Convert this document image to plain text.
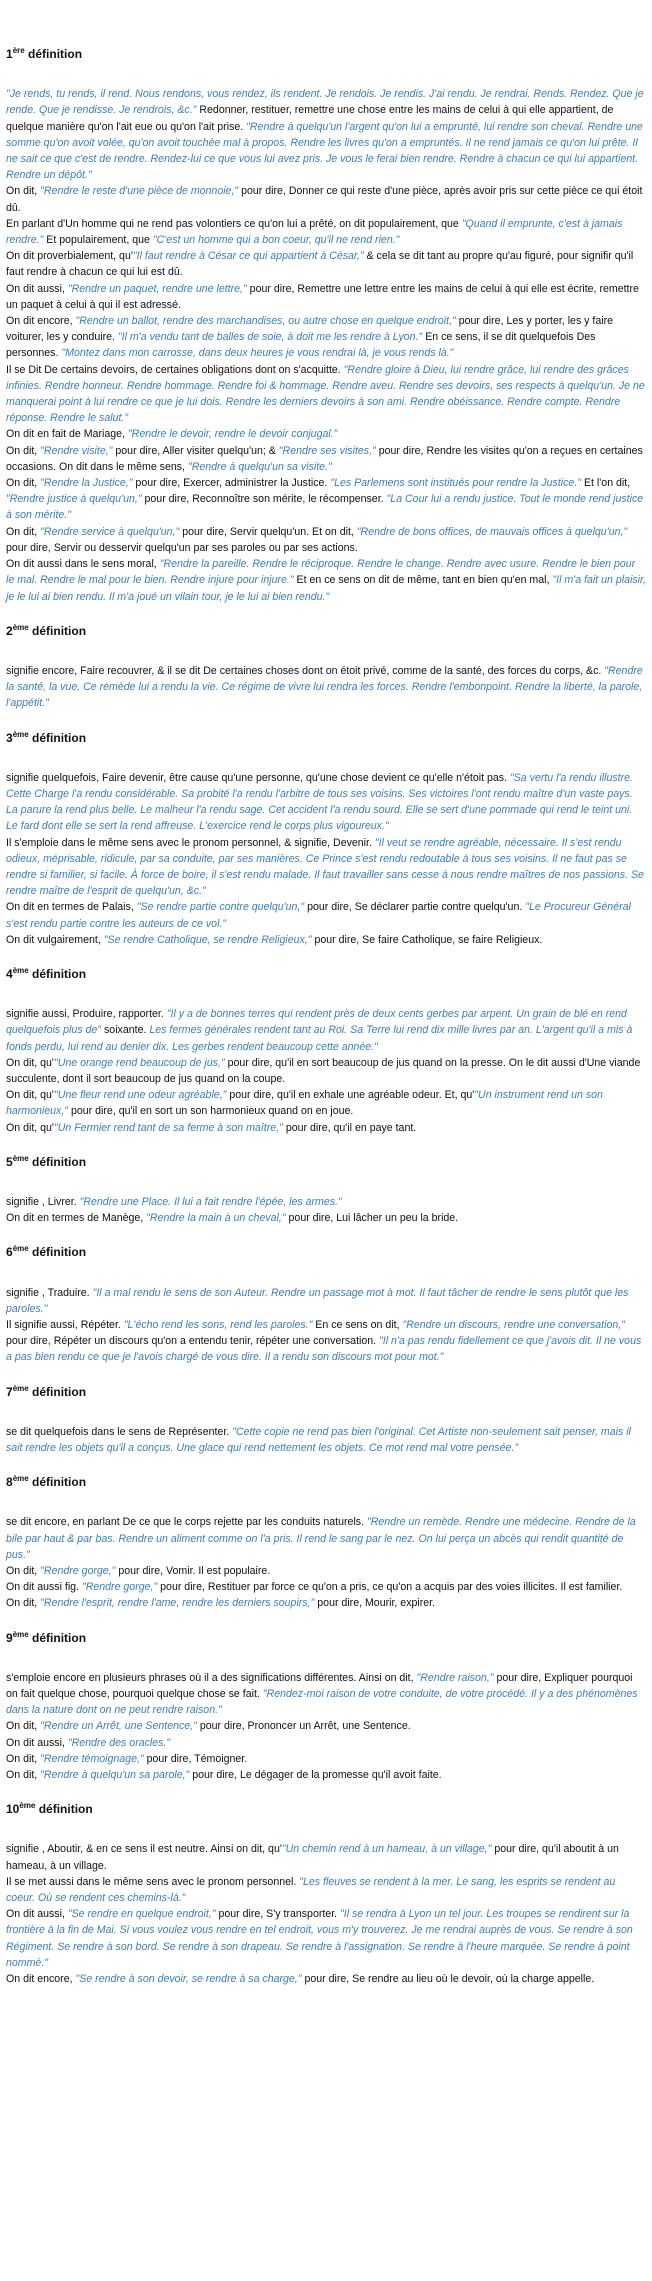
1ère définition
"Je rends, tu rends, il rend. Nous rendons, vous rendez, ils rendent. Je rendois. Je rendis. J'ai rendu. Je rendrai. Rends. Rendez. Que je rende. Que je rendisse. Je rendrois, &c." Redonner, restituer, remettre une chose entre les mains de celui à qui elle appartient, de quelque manière qu'on l'ait eue ou qu'on l'ait prise. "Rendre à quelqu'un l'argent qu'on lui a emprunté, lui rendre son cheval. Rendre une somme qu'on avoit volée, qu'on avoit touchée mal à propos. Rendre les livres qu'on a empruntés. Il ne rend jamais ce qu'on lui prête. Il ne sait ce que c'est de rendre. Rendez-lui ce que vous lui avez pris. Je vous le ferai bien rendre. Rendre à chacun ce qui lui appartient. Rendre un dépôt."
On dit, "Rendre le reste d'une pièce de monnoie," pour dire, Donner ce qui reste d'une pièce, après avoir pris sur cette pièce ce qui étoit dû.
En parlant d'Un homme qui ne rend pas volontiers ce qu'on lui a prêté, on dit populairement, que "Quand il emprunte, c'est à jamais rendre." Et populairement, que "C'est un homme qui a bon coeur, qu'il ne rend rien."
On dit proverbialement, qu'"Il faut rendre à César ce qui appartient à César," & cela se dit tant au propre qu'au figuré, pour signifir qu'il faut rendre à chacun ce qui lui est dû.
On dit aussi, "Rendre un paquet, rendre une lettre," pour dire, Remettre une lettre entre les mains de celui à qui elle est écrite, remettre un paquet à celui à qui il est adressé.
On dit encore, "Rendre un ballot, rendre des marchandises, ou autre chose en quelque endroit," pour dire, Les y porter, les y faire voiturer, les y conduire. "Il m'a vendu tant de balles de soie, à doit me les rendre à Lyon." En ce sens, il se dit quelquefois Des personnes. "Montez dans mon carrosse, dans deux heures je vous rendrai là, je vous rends là."
Il se Dit De certains devoirs, de certaines obligations dont on s'acquitte. "Rendre gloire à Dieu, lui rendre grâce, lui rendre des grâces infinies. Rendre honneur. Rendre hommage. Rendre foi & hommage. Rendre aveu. Rendre ses devoirs, ses respects à quelqu'un. Je ne manquerai point à lui rendre ce que je lui dois. Rendre les derniers devoirs à son ami. Rendre obéissance. Rendre compte. Rendre réponse. Rendre le salut."
On dit en fait de Mariage, "Rendre le devoir, rendre le devoir conjugal."
On dit, "Rendre visite," pour dire, Aller visiter quelqu'un; & "Rendre ses visites," pour dire, Rendre les visites qu'on a reçues en certaines occasions. On dit dans le même sens, "Rendre à quelqu'un sa visite."
On dit, "Rendre la Justice," pour dire, Exercer, administrer la Justice. "Les Parlemens sont institués pour rendre la Justice." Et l'on dit, "Rendre justice à quelqu'un," pour dire, Reconnoître son mérite, le récompenser. "La Cour lui a rendu justice. Tout le monde rend justice à son mérite."
On dit, "Rendre service à quelqu'un," pour dire, Servir quelqu'un. Et on dit, "Rendre de bons offices, de mauvais offices à quelqu'un," pour dire, Servir ou desservir quelqu'un par ses paroles ou par ses actions.
On dit aussi dans le sens moral, "Rendre la pareille. Rendre le réciproque. Rendre le change. Rendre avec usure. Rendre le bien pour le mal. Rendre le mal pour le bien. Rendre injure pour injure." Et en ce sens on dit de même, tant en bien qu'en mal, "Il m'a fait un plaisir, je le lui ai bien rendu. Il m'a joué un vilain tour, je le lui ai bien rendu."
2ème définition
signifie encore, Faire recouvrer, & il se dit De certaines choses dont on étoit privé, comme de la santé, des forces du corps, &c. "Rendre la santé, la vue. Ce remède lui a rendu la vie. Ce régime de vivre lui rendra les forces. Rendre l'embonpoint. Rendre la liberté, la parole, l'appétit."
3ème définition
signifie quelquefois, Faire devenir, être cause qu'une personne, qu'une chose devient ce qu'elle n'étoit pas. "Sa vertu l'a rendu illustre. Cette Charge l'a rendu considérable. Sa probité l'a rendu l'arbitre de tous ses voisins. Ses victoires l'ont rendu maître d'un vaste pays. La parure la rend plus belle. Le malheur l'a rendu sage. Cet accident l'a rendu sourd. Elle se sert d'une pommade qui rend le teint uni. Le fard dont elle se sert la rend affreuse. L'exercice rend le corps plus vigoureux."
Il s'emploie dans le même sens avec le pronom personnel, & signifie, Devenir. "Il veut se rendre agréable, nécessaire. Il s'est rendu odieux, méprisable, ridicule, par sa conduite, par ses manières. Ce Prince s'est rendu redoutable à tous ses voisins. Il ne faut pas se rendre si familier, si facile. À force de boire, il s'est rendu malade. Il faut travailler sans cesse à nous rendre maîtres de nos passions. Se rendre maître de l'esprit de quelqu'un, &c."
On dit en termes de Palais, "Se rendre partie contre quelqu'un," pour dire, Se déclarer partie contre quelqu'un. "Le Procureur Général s'est rendu partie contre les auteurs de ce vol."
On dit vulgairement, "Se rendre Catholique, se rendre Religieux," pour dire, Se faire Catholique, se faire Religieux.
4ème définition
signifie aussi, Produire, rapporter. "Il y a de bonnes terres qui rendent près de deux cents gerbes par arpent. Un grain de blé en rend quelquefois plus de" soixante. Les fermes générales rendent tant au Roi. Sa Terre lui rend dix mille livres par an. L'argent qu'il a mis à fonds perdu, lui rend au denier dix. Les gerbes rendent beaucoup cette année."
On dit, qu'"Une orange rend beaucoup de jus," pour dire, qu'il en sort beaucoup de jus quand on la presse. On le dit aussi d'Une viande succulente, dont il sort beaucoup de jus quand on la coupe.
On dit, qu'"Une fleur rend une odeur agréable," pour dire, qu'il en exhale une agréable odeur. Et, qu'"Un instrument rend un son harmonieux," pour dire, qu'il en sort un son harmonieux quand on en joue.
On dit, qu'"Un Fermier rend tant de sa ferme à son maître," pour dire, qu'il en paye tant.
5ème définition
signifie , Livrer. "Rendre une Place. Il lui a fait rendre l'épée, les armes."
On dit en termes de Manège, "Rendre la main à un cheval," pour dire, Lui lâcher un peu la bride.
6ème définition
signifie , Traduire. "Il a mal rendu le sens de son Auteur. Rendre un passage mot à mot. Il faut tâcher de rendre le sens plutôt que les paroles."
Il signifie aussi, Répéter. "L'écho rend les sons, rend les paroles." En ce sens on dit, "Rendre un discours, rendre une conversation," pour dire, Répéter un discours qu'on a entendu tenir, répéter une conversation. "Il n'a pas rendu fidellement ce que j'avois dit. Il ne vous a pas bien rendu ce que je l'avois chargé de vous dire. Il a rendu son discours mot pour mot."
7ème définition
se dit quelquefois dans le sens de Représenter. "Cette copie ne rend pas bien l'original. Cet Artiste non-seulement sait penser, mais il sait rendre les objets qu'il a conçus. Une glace qui rend nettement les objets. Ce mot rend mal votre pensée."
8ème définition
se dit encore, en parlant De ce que le corps rejette par les conduits naturels. "Rendre un remède. Rendre une médecine. Rendre de la bile par haut & par bas. Rendre un aliment comme on l'a pris. Il rend le sang par le nez. On lui perça un abcès qui rendit quantité de pus."
On dit, "Rendre gorge," pour dire, Vomir. Il est populaire.
On dit aussi fig. "Rendre gorge," pour dire, Restituer par force ce qu'on a pris, ce qu'on a acquis par des voies illicites. Il est familier.
On dit, "Rendre l'esprit, rendre l'ame, rendre les derniers soupirs," pour dire, Mourir, expirer.
9ème définition
s'emploie encore en plusieurs phrases où il a des significations différentes. Ainsi on dit, "Rendre raison," pour dire, Expliquer pourquoi on fait quelque chose, pourquoi quelque chose se fait. "Rendez-moi raison de votre conduite, de votre procédé. Il y a des phénomènes dans la nature dont on ne peut rendre raison."
On dit, "Rendre un Arrêt, une Sentence," pour dire, Prononcer un Arrêt, une Sentence.
On dit aussi, "Rendre des oracles."
On dit, "Rendre témoignage," pour dire, Témoigner.
On dit, "Rendre à quelqu'un sa parole," pour dire, Le dégager de la promesse qu'il avoit faite.
10ème définition
signifie , Aboutir, & en ce sens il est neutre. Ainsi on dit, qu'"Un chemin rend à un hameau, à un village," pour dire, qu'il aboutit à un hameau, à un village.
Il se met aussi dans le même sens avec le pronom personnel. "Les fleuves se rendent à la mer. Le sang, les esprits se rendent au coeur. Où se rendent ces chemins-là."
On dit aussi, "Se rendre en quelque endroit," pour dire, S'y transporter. "Il se rendra à Lyon un tel jour. Les troupes se rendirent sur la frontière à la fin de Mai. Si vous voulez vous rendre en tel endroit, vous m'y trouverez. Je me rendrai auprès de vous. Se rendre à son Régiment. Se rendre à son bord. Se rendre à son drapeau. Se rendre à l'assignation. Se rendre à l'heure marquée. Se rendre à point nommé."
On dit encore, "Se rendre à son devoir, se rendre à sa charge," pour dire, Se rendre au lieu où le devoir, où la charge appelle.
